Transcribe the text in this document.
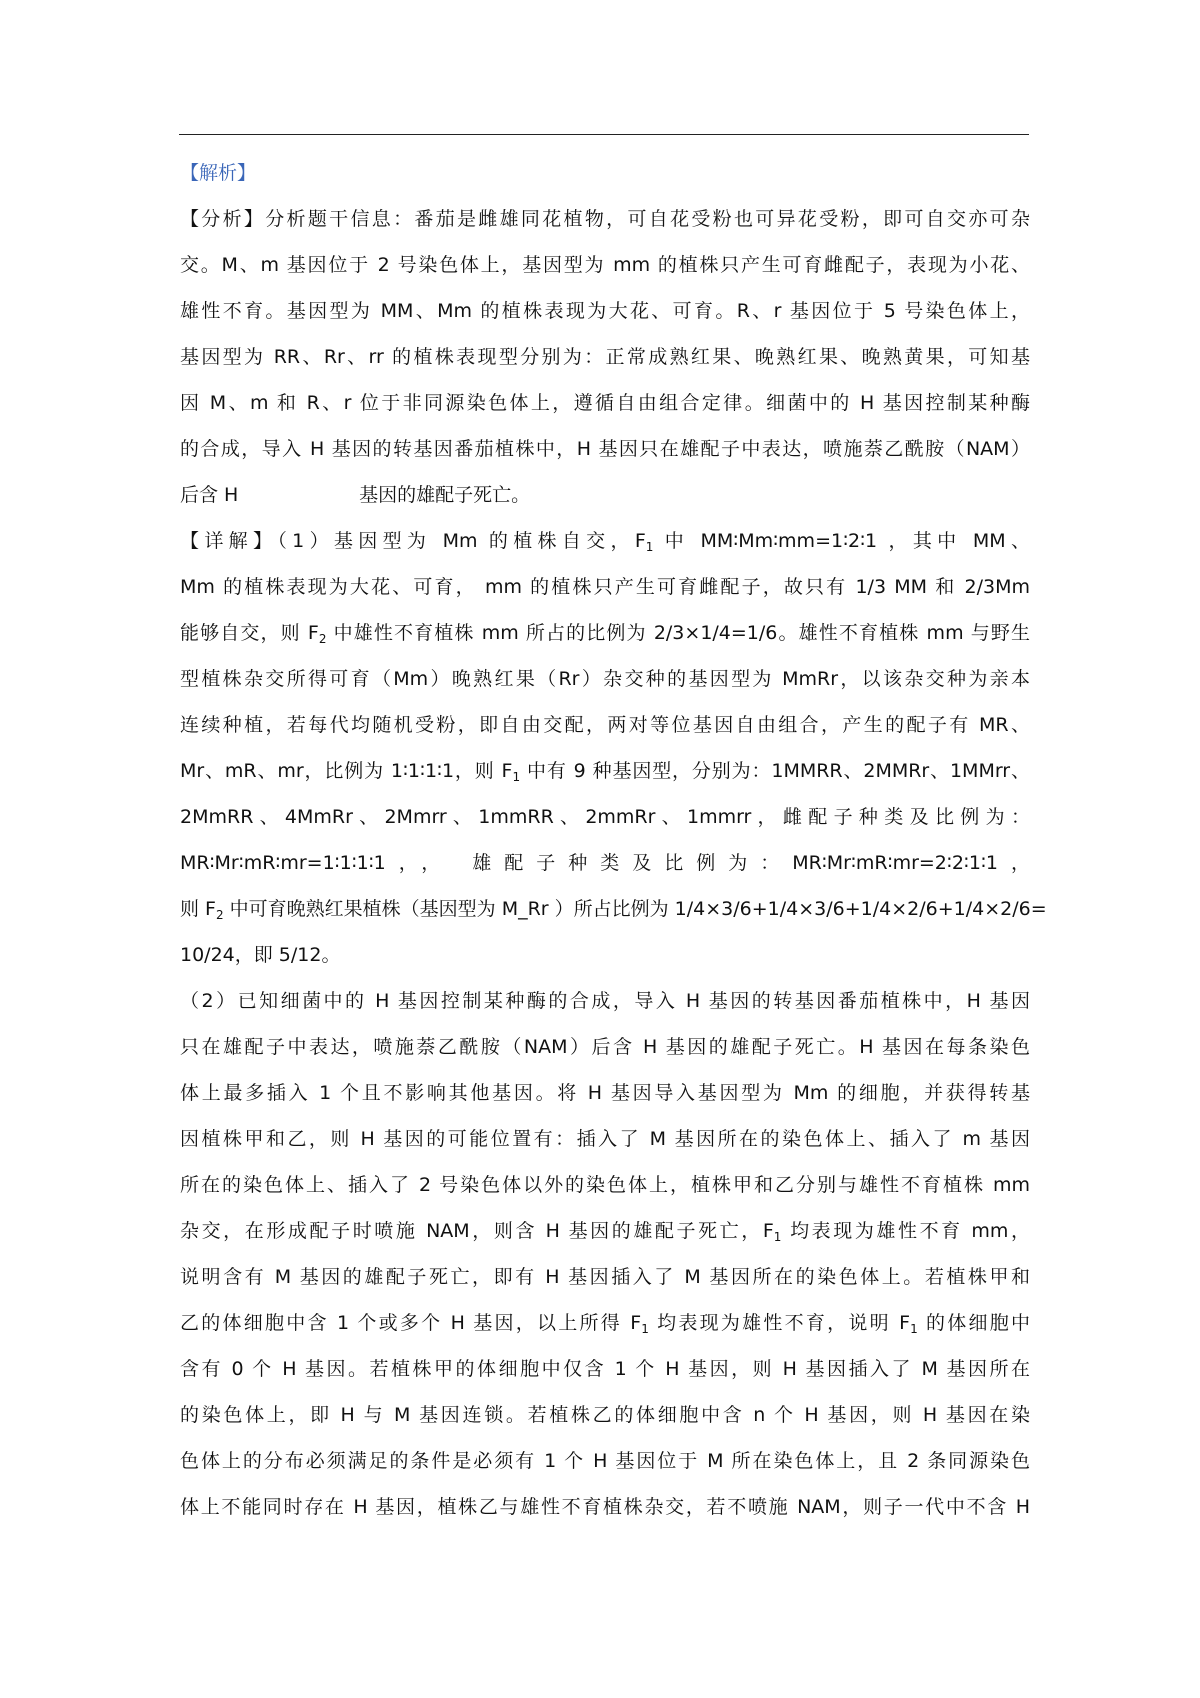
【解析】
【分析】分析题干信息：番茄是雌雄同花植物，可自花受粉也可异花受粉，即可自交亦可杂
交。M、m 基因位于 2 号染色体上，基因型为 mm 的植株只产生可育雌配子，表现为小花、
雄性不育。基因型为 MM、Mm 的植株表现为大花、可育。R、r 基因位于 5 号染色体上，
基因型为 RR、Rr、rr 的植株表现型分别为：正常成熟红果、晚熟红果、晚熟黄果，可知基
因 M、m 和 R、r 位于非同源染色体上，遵循自由组合定律。细菌中的 H 基因控制某种酶
的合成，导入 H 基因的转基因番茄植株中，H 基因只在雄配子中表达，喷施萘乙酰胺（NAM）
后含 H                    基因的雄配子死亡。
【详解】（1）基因型为 Mm 的植株自交，$F_1$ 中 MM∶Mm∶mm=1∶2∶1 ，其中 MM、
Mm 的植株表现为大花、可育， mm 的植株只产生可育雌配子，故只有 1/3 MM 和 2/3Mm
能够自交，则 $F_2$ 中雄性不育植株 mm 所占的比例为 2/3×1/4=1/6。雄性不育植株 mm 与野生
型植株杂交所得可育（Mm）晚熟红果（Rr）杂交种的基因型为 MmRr，以该杂交种为亲本
连续种植，若每代均随机受粉，即自由交配，两对等位基因自由组合，产生的配子有 MR、
Mr、mR、mr，比例为 1∶1∶1∶1，则 $F_1$ 中有 9 种基因型，分别为：1MMRR、2MMRr、1MMrr、
2MmRR 、 4MmRr 、 2Mmrr 、 1mmRR 、 2mmRr 、 1mmrr ， 雌 配 子 种 类 及 比 例 为 ：
MR∶Mr∶mR∶mr=1∶1∶1∶1，， 雄配子种类及比例为：MR∶Mr∶mR∶mr=2∶2∶1∶1，
则 $F_2$ 中可育晚熟红果植株（基因型为 M_Rr ）所占比例为 1/4×3/6+1/4×3/6+1/4×2/6+1/4×2/6=
10/24，即 5/12。
（2）已知细菌中的 H 基因控制某种酶的合成，导入 H 基因的转基因番茄植株中，H 基因
只在雄配子中表达，喷施萘乙酰胺（NAM）后含 H 基因的雄配子死亡。H 基因在每条染色
体上最多插入 1 个且不影响其他基因。将 H 基因导入基因型为 Mm 的细胞，并获得转基
因植株甲和乙，则 H 基因的可能位置有：插入了 M 基因所在的染色体上、插入了 m 基因
所在的染色体上、插入了 2 号染色体以外的染色体上，植株甲和乙分别与雄性不育植株 mm
杂交，在形成配子时喷施 NAM，则含 H 基因的雄配子死亡，$F_1$ 均表现为雄性不育 mm，
说明含有 M 基因的雄配子死亡，即有 H 基因插入了 M 基因所在的染色体上。若植株甲和
乙的体细胞中含 1 个或多个 H 基因，以上所得 $F_1$ 均表现为雄性不育，说明 $F_1$ 的体细胞中
含有 0 个 H 基因。若植株甲的体细胞中仅含 1 个 H 基因，则 H 基因插入了 M 基因所在
的染色体上，即 H 与 M 基因连锁。若植株乙的体细胞中含 n 个 H 基因，则 H 基因在染
色体上的分布必须满足的条件是必须有 1 个 H 基因位于 M 所在染色体上，且 2 条同源染色
体上不能同时存在 H 基因，植株乙与雄性不育植株杂交，若不喷施 NAM，则子一代中不含 H
